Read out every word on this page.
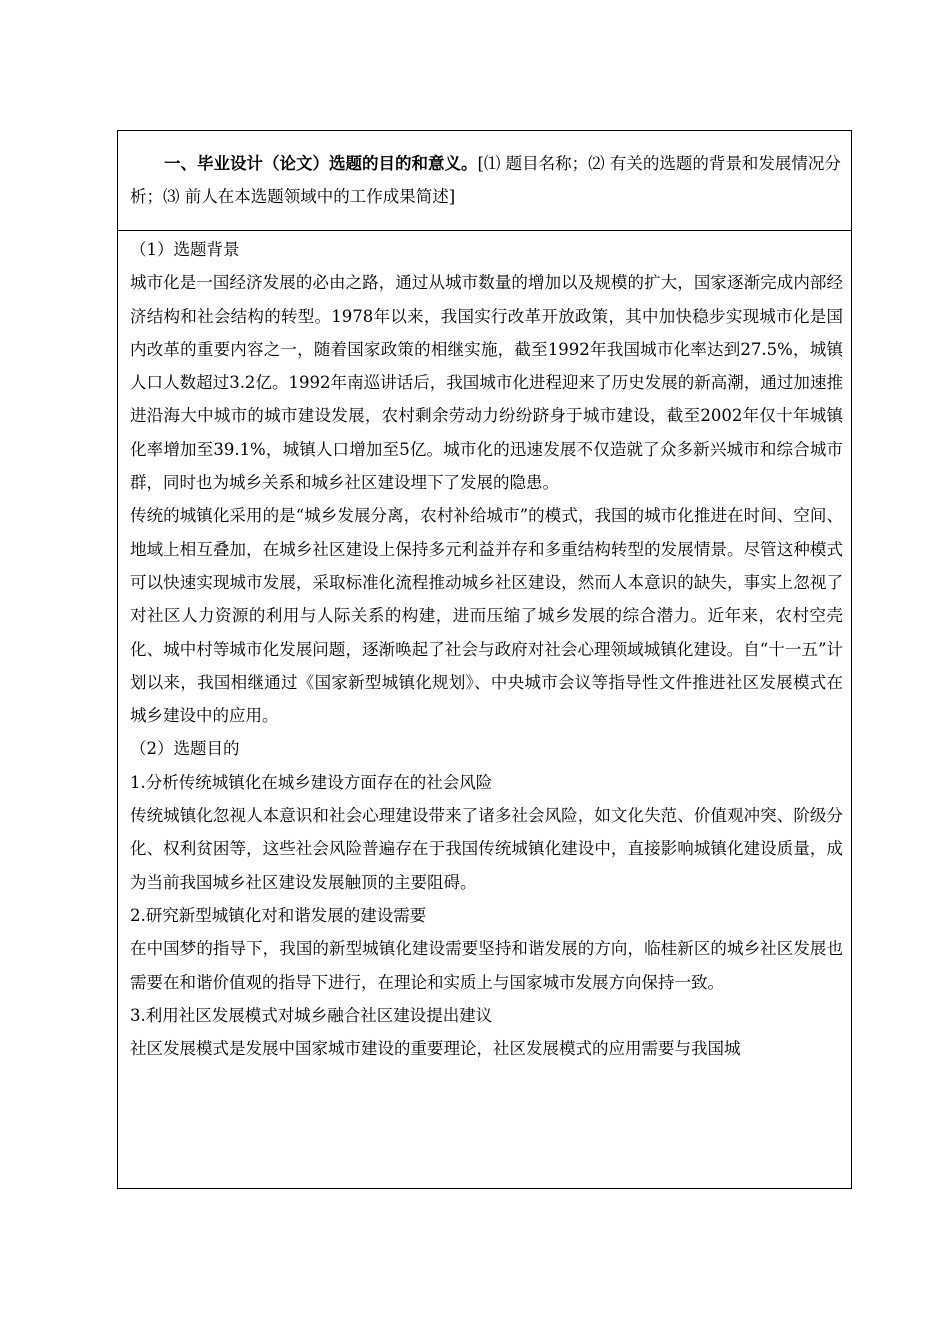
一、毕业设计（论文）选题的目的和意义。[⑴ 题目名称；⑵ 有关的选题的背景和发展情况分析；⑶ 前人在本选题领域中的工作成果简述]

（1）选题背景

城市化是一国经济发展的必由之路，通过从城市数量的增加以及规模的扩大，国家逐渐完成内部经济结构和社会结构的转型。1978年以来，我国实行改革开放政策，其中加快稳步实现城市化是国内改革的重要内容之一，随着国家政策的相继实施，截至1992年我国城市化率达到27.5%，城镇人口人数超过3.2亿。1992年南巡讲话后，我国城市化进程迎来了历史发展的新高潮，通过加速推进沿海大中城市的城市建设发展，农村剩余劳动力纷纷跻身于城市建设，截至2002年仅十年城镇化率增加至39.1%，城镇人口增加至5亿。城市化的迅速发展不仅造就了众多新兴城市和综合城市群，同时也为城乡关系和城乡社区建设埋下了发展的隐患。

传统的城镇化采用的是“城乡发展分离，农村补给城市”的模式，我国的城市化推进在时间、空间、地域上相互叠加，在城乡社区建设上保持多元利益并存和多重结构转型的发展情景。尽管这种模式可以快速实现城市发展，采取标准化流程推动城乡社区建设，然而人本意识的缺失，事实上忽视了对社区人力资源的利用与人际关系的构建，进而压缩了城乡发展的综合潜力。近年来，农村空壳化、城中村等城市化发展问题，逐渐唤起了社会与政府对社会心理领域城镇化建设。自“十一五”计划以来，我国相继通过《国家新型城镇化规划》、中央城市会议等指导性文件推进社区发展模式在城乡建设中的应用。

（2）选题目的

1.分析传统城镇化在城乡建设方面存在的社会风险

传统城镇化忽视人本意识和社会心理建设带来了诸多社会风险，如文化失范、价值观冲突、阶级分化、权利贫困等，这些社会风险普遍存在于我国传统城镇化建设中，直接影响城镇化建设质量，成为当前我国城乡社区建设发展触顶的主要阻碍。

2.研究新型城镇化对和谐发展的建设需要

在中国梦的指导下，我国的新型城镇化建设需要坚持和谐发展的方向，临桂新区的城乡社区发展也需要在和谐价值观的指导下进行，在理论和实质上与国家城市发展方向保持一致。

3.利用社区发展模式对城乡融合社区建设提出建议

社区发展模式是发展中国家城市建设的重要理论，社区发展模式的应用需要与我国城
